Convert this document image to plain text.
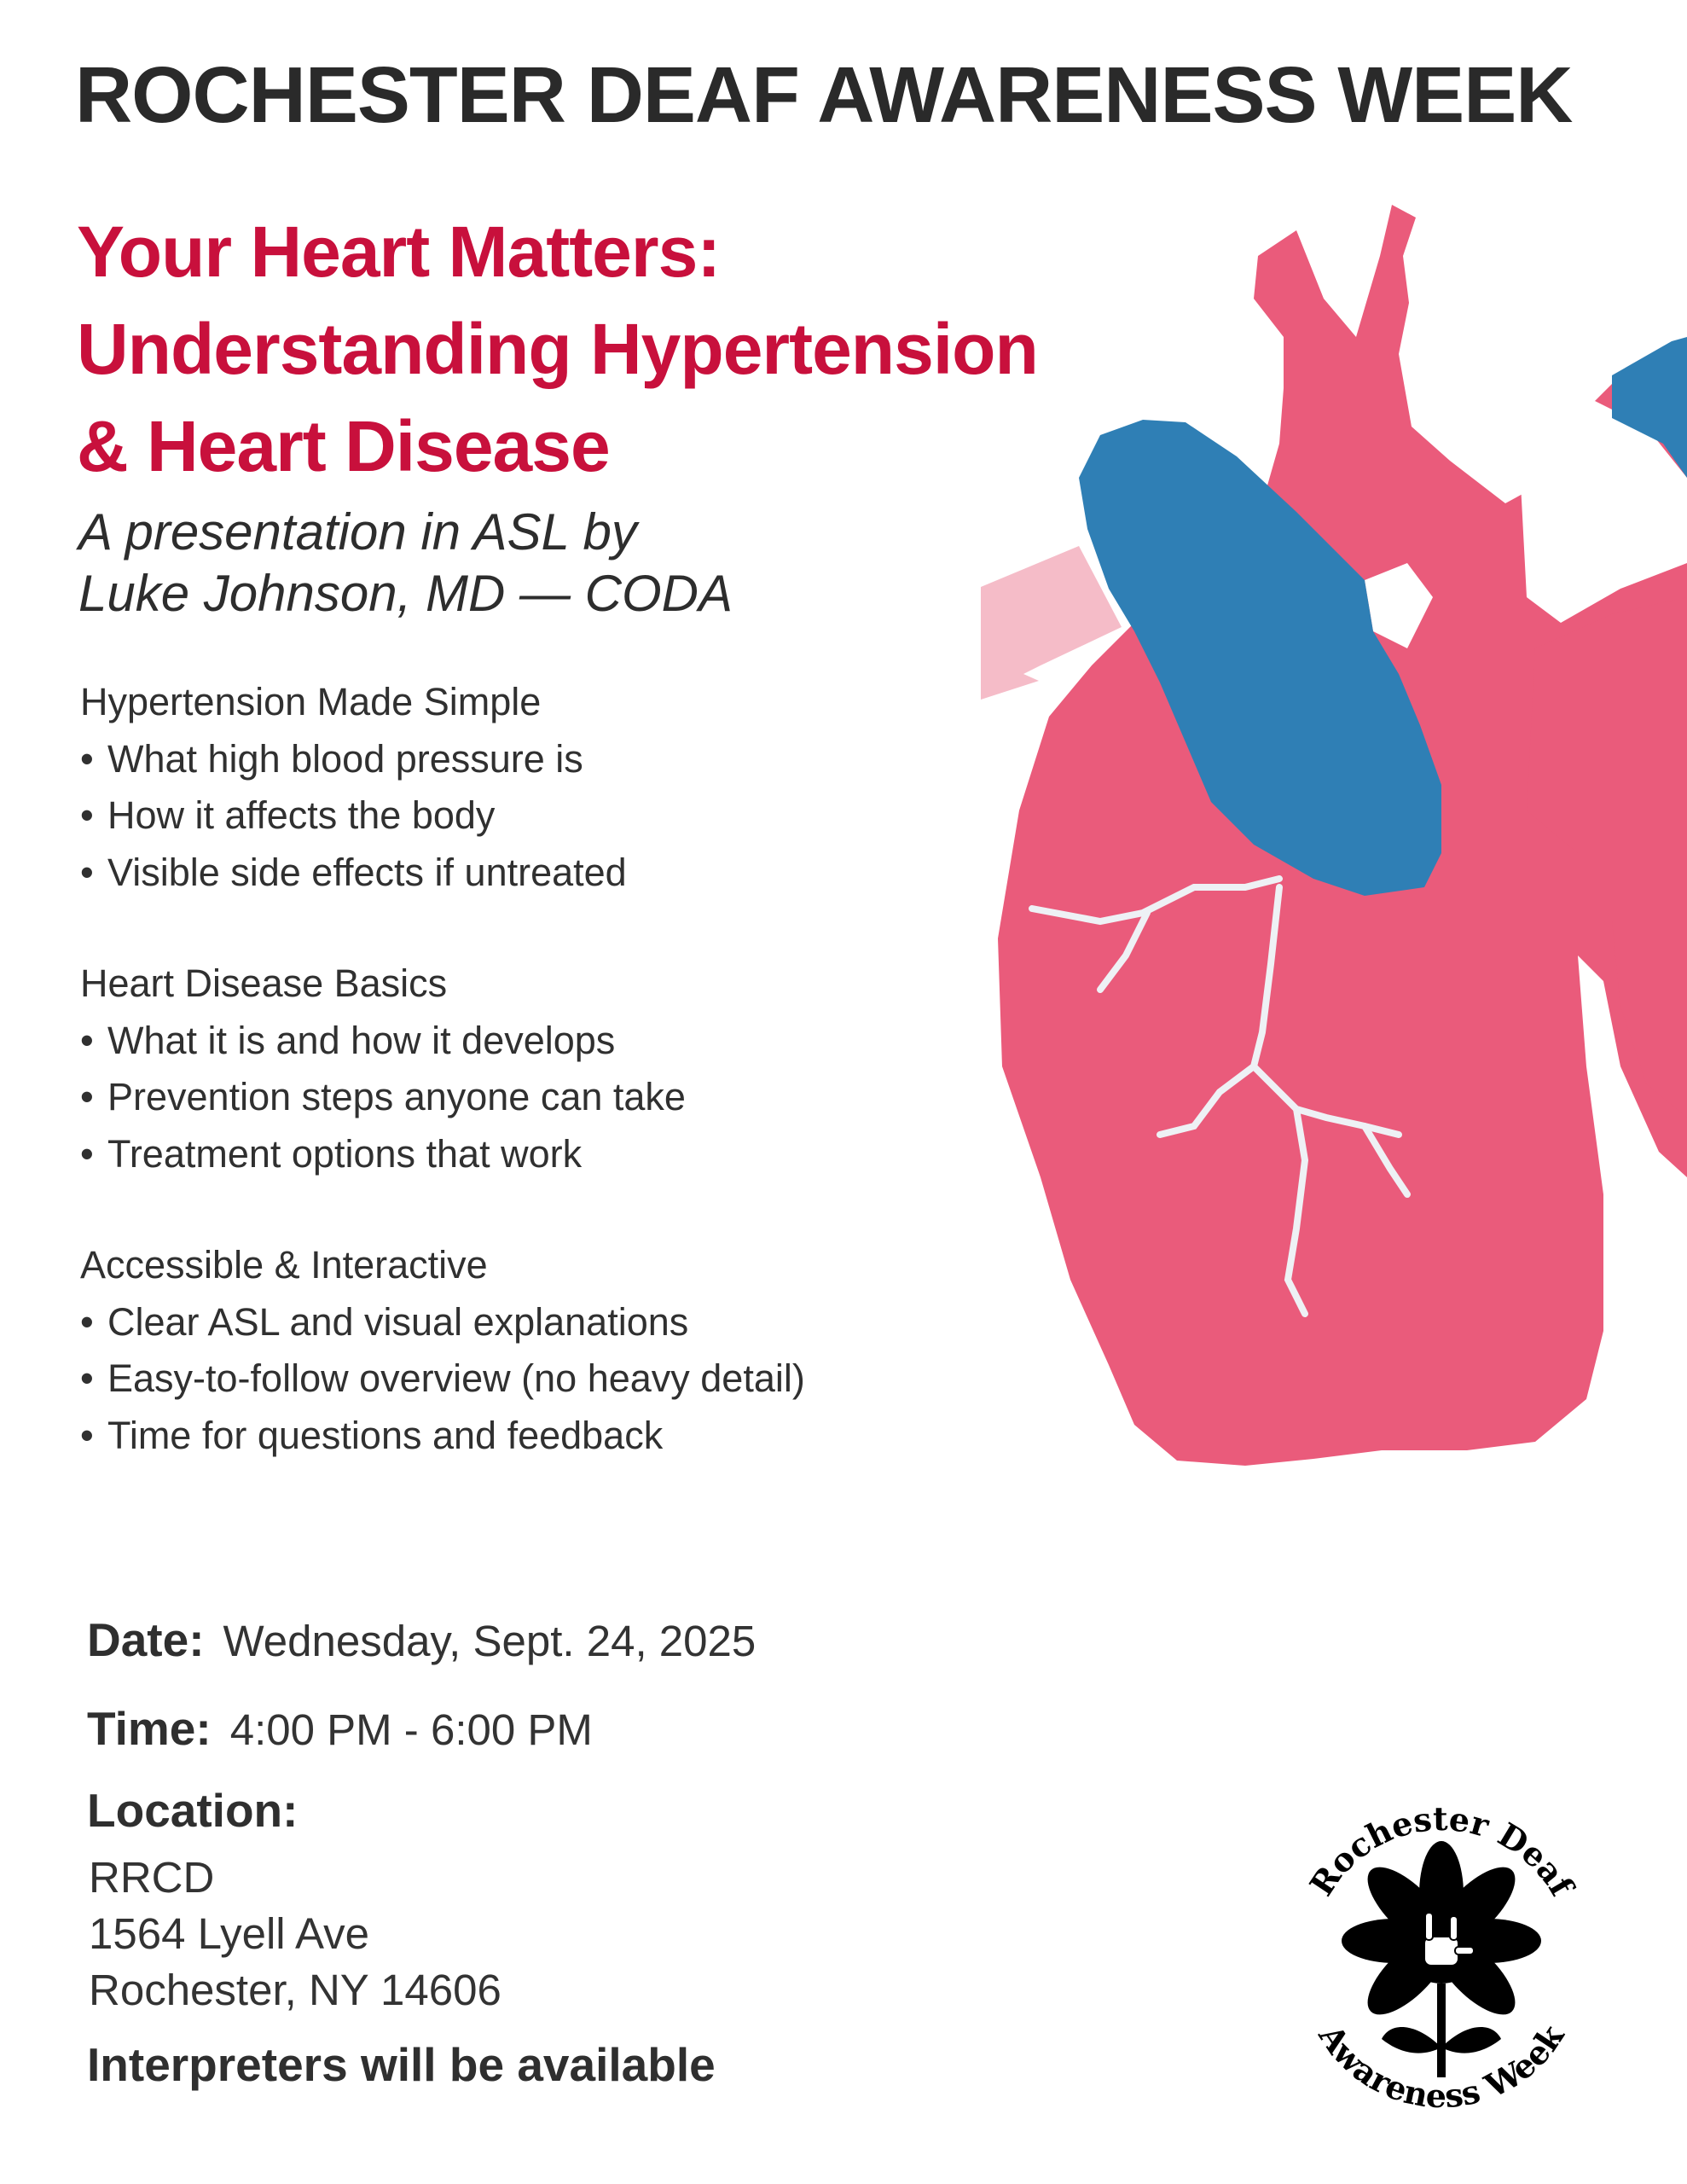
ROCHESTER DEAF AWARENESS WEEK
Your Heart Matters:
Understanding Hypertension
& Heart Disease
A presentation in ASL by
Luke Johnson, MD — CODA
Hypertension Made Simple
• What high blood pressure is
• How it affects the body
• Visible side effects if untreated
Heart Disease Basics
• What it is and how it develops
• Prevention steps anyone can take
• Treatment options that work
Accessible & Interactive
• Clear ASL and visual explanations
• Easy-to-follow overview (no heavy detail)
• Time for questions and feedback
Date: Wednesday, Sept. 24, 2025
Time: 4:00 PM - 6:00 PM
Location:
RRCD
1564 Lyell Ave
Rochester, NY 14606
Interpreters will be available
Rochester Deaf
Awareness Week
